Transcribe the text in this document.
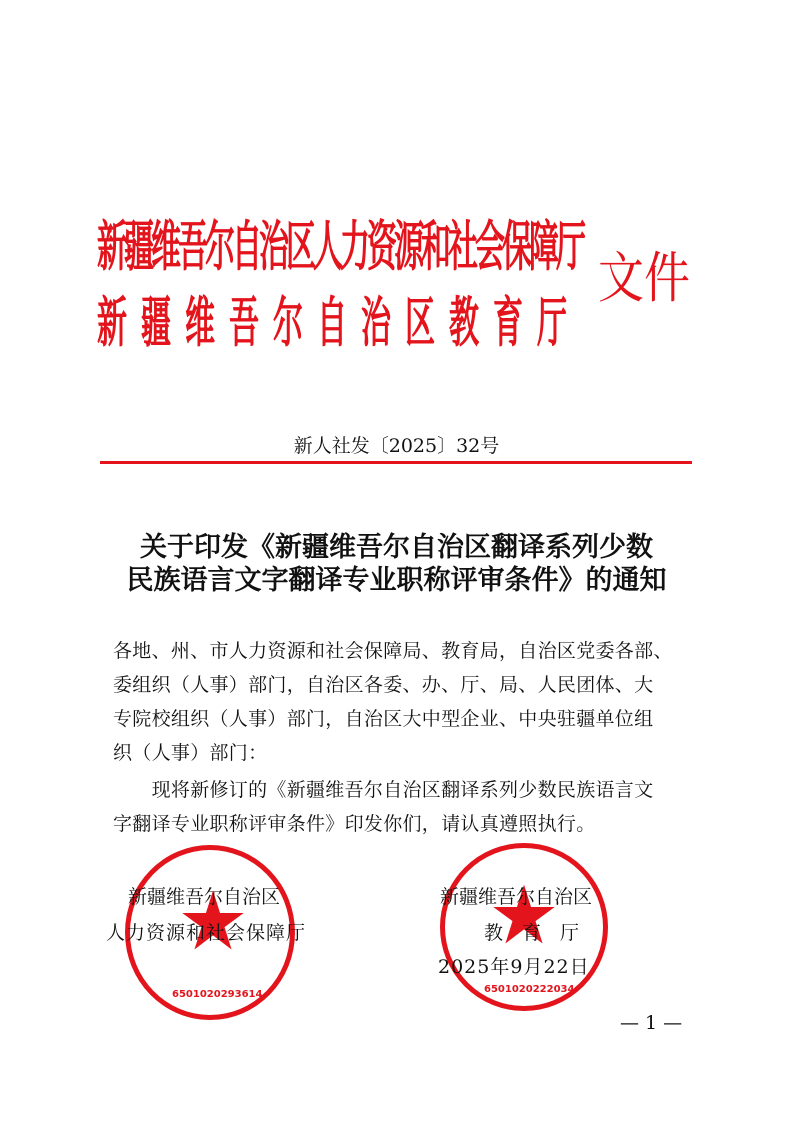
新疆维吾尔自治区人力资源和社会保障厅
新疆维吾尔自治区教育厅
文件
新人社发〔2025〕32号
关于印发《新疆维吾尔自治区翻译系列少数
民族语言文字翻译专业职称评审条件》的通知
各地、州、市人力资源和社会保障局、教育局，自治区党委各部、
委组织（人事）部门，自治区各委、办、厅、局、人民团体、大
专院校组织（人事）部门，自治区大中型企业、中央驻疆单位组
织（人事）部门：
　　现将新修订的《新疆维吾尔自治区翻译系列少数民族语言文
字翻译专业职称评审条件》印发你们，请认真遵照执行。
6501020293614	6501020222034
新疆维吾尔自治区
人力资源和社会保障厅
新疆维吾尔自治区
教　育　厅
2025年9月22日
— 1 —
